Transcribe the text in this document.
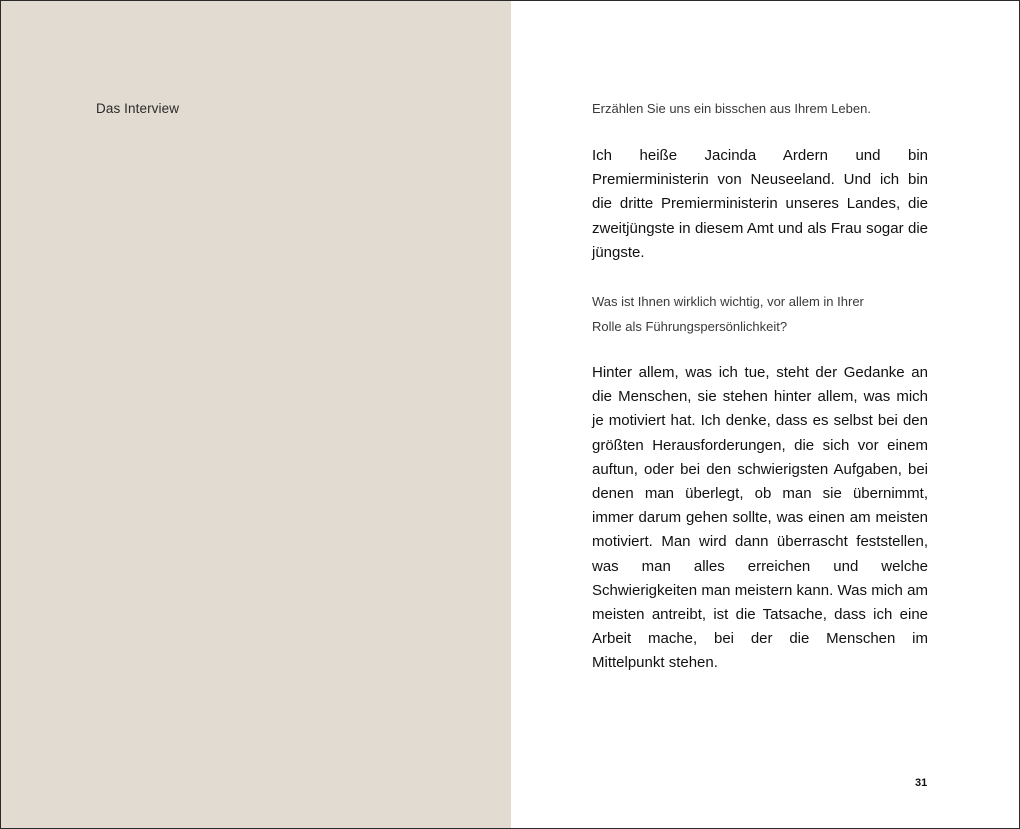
Das Interview	Erzählen Sie uns ein bisschen aus Ihrem Leben.

Ich heiße Jacinda Ardern und bin Premierministerin von Neuseeland. Und ich bin die dritte Premierministerin unseres Landes, die zweitjüngste in diesem Amt und als Frau sogar die jüngste.

Was ist Ihnen wirklich wichtig, vor allem in Ihrer Rolle als Führungspersönlichkeit?

Hinter allem, was ich tue, steht der Gedanke an die Menschen, sie stehen hinter allem, was mich je motiviert hat. Ich denke, dass es selbst bei den größten Herausforderungen, die sich vor einem auftun, oder bei den schwierigsten Aufgaben, bei denen man überlegt, ob man sie übernimmt, immer darum gehen sollte, was einen am meisten motiviert. Man wird dann überrascht feststellen, was man alles erreichen und welche Schwierigkeiten man meistern kann. Was mich am meisten antreibt, ist die Tatsache, dass ich eine Arbeit mache, bei der die Menschen im Mittelpunkt stehen.

31
